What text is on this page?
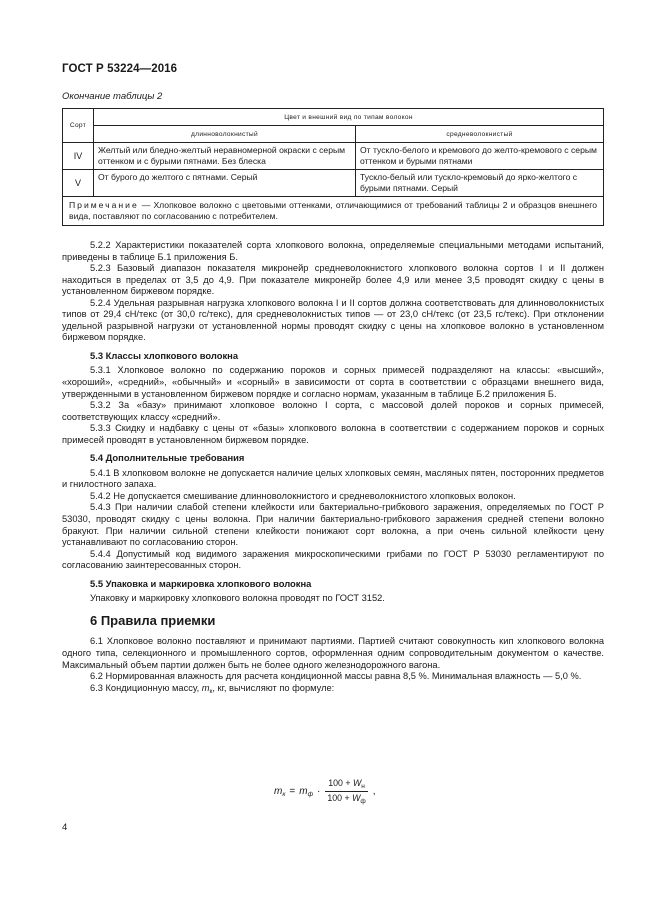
ГОСТ Р 53224—2016
Окончание таблицы 2
Сорт	Цвет и внешний вид по типам волокон	
	длинноволокнистый	средневолокнистый
IV	Желтый или бледно-желтый неравномерной окраски с серым оттенком и с бурыми пятнами. Без блеска	От тускло-белого и кремового до желто-кремового с серым оттенком и бурыми пятнами
V	От бурого до желтого с пятнами. Серый	Тускло-белый или тускло-кремовый до ярко-желтого с бурыми пятнами. Серый
Примечание — Хлопковое волокно с цветовыми оттенками, отличающимися от требований таблицы 2 и образцов внешнего вида, поставляют по согласованию с потребителем.		

5.2.2 Характеристики показателей сорта хлопкового волокна, определяемые специальными методами испытаний, приведены в таблице Б.1 приложения Б.

5.2.3 Базовый диапазон показателя микронейр средневолокнистого хлопкового волокна сортов I и II должен находиться в пределах от 3,5 до 4,9. При показателе микронейр более 4,9 или менее 3,5 проводят скидку с цены в установленном биржевом порядке.

5.2.4 Удельная разрывная нагрузка хлопкового волокна I и II сортов должна соответствовать для длинноволокнистых типов от 29,4 сН/текс (от 30,0 гс/текс), для средневолокнистых типов — от 23,0 сН/текс (от 23,5 гс/текс). При отклонении удельной разрывной нагрузки от установленной нормы проводят скидку с цены на хлопковое волокно в установленном биржевом порядке.

5.3 Классы хлопкового волокна

5.3.1 Хлопковое волокно по содержанию пороков и сорных примесей подразделяют на классы: «высший», «хороший», «средний», «обычный» и «сорный» в зависимости от сорта в соответствии с образцами внешнего вида, утвержденными в установленном биржевом порядке и согласно нормам, указанным в таблице Б.2 приложения Б.

5.3.2 За «базу» принимают хлопковое волокно I сорта, с массовой долей пороков и сорных примесей, соответствующих классу «средний».

5.3.3 Скидку и надбавку с цены от «базы» хлопкового волокна в соответствии с содержанием пороков и сорных примесей проводят в установленном биржевом порядке.

5.4 Дополнительные требования

5.4.1 В хлопковом волокне не допускается наличие целых хлопковых семян, масляных пятен, посторонних предметов и гнилостного запаха.

5.4.2 Не допускается смешивание длинноволокнистого и средневолокнистого хлопковых волокон.

5.4.3 При наличии слабой степени клейкости или бактериально-грибкового заражения, определяемых по ГОСТ Р 53030, проводят скидку с цены волокна. При наличии бактериально-грибкового заражения средней степени волокно бракуют. При наличии сильной степени клейкости понижают сорт волокна, а при очень сильной клейкости цену устанавливают по согласованию сторон.

5.4.4 Допустимый код видимого заражения микроскопическими грибами по ГОСТ Р 53030 регламентируют по согласованию заинтересованных сторон.

5.5 Упаковка и маркировка хлопкового волокна

Упаковку и маркировку хлопкового волокна проводят по ГОСТ 3152.

6 Правила приемки

6.1 Хлопковое волокно поставляют и принимают партиями. Партией считают совокупность кип хлопкового волокна одного типа, селекционного и промышленного сортов, оформленная одним сопроводительным документом о качестве. Максимальный объем партии должен быть не более одного железнодорожного вагона.

6.2 Нормированная влажность для расчета кондиционной массы равна 8,5 %. Минимальная влажность — 5,0 %.

6.3 Кондиционную массу, $m_к$, кг, вычисляют по формуле:

$m_к = m_ф \cdot \frac{100 + W_н}{100 + W_ф}$ ,
4
